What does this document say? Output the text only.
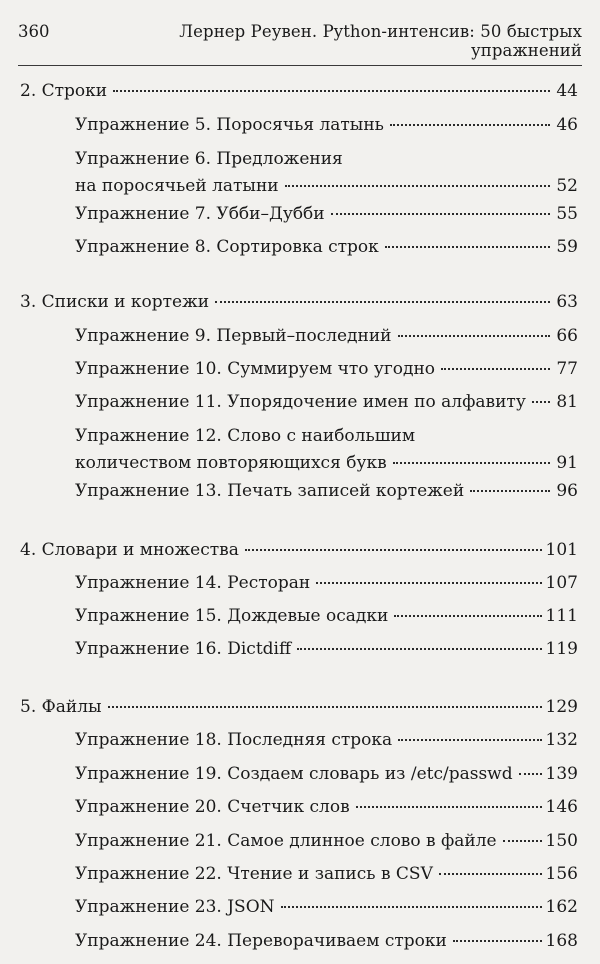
360	Лернер Реувен. Python-интенсив: 50 быстрых упражнений
2. Строки	44
Упражнение 5. Поросячья латынь	46
Упражнение 6. Предложения
на поросячьей латыни	52
Упражнение 7. Убби–Дубби	55
Упражнение 8. Сортировка строк	59
3. Списки и кортежи	63
Упражнение 9. Первый–последний	66
Упражнение 10. Суммируем что угодно	77
Упражнение 11. Упорядочение имен по алфавиту 81
Упражнение 12. Слово с наибольшим
количеством повторяющихся букв	91
Упражнение 13. Печать записей кортежей	96
4. Словари и множества	101
Упражнение 14. Ресторан	107
Упражнение 15. Дождевые осадки	111
Упражнение 16. Dictdiff	119
5. Файлы	129
Упражнение 18. Последняя строка	132
Упражнение 19. Создаем словарь из /etc/passwd 139
Упражнение 20. Счетчик слов	146
Упражнение 21. Самое длинное слово в файле	150
Упражнение 22. Чтение и запись в CSV	156
Упражнение 23. JSON	162
Упражнение 24. Переворачиваем строки	168
